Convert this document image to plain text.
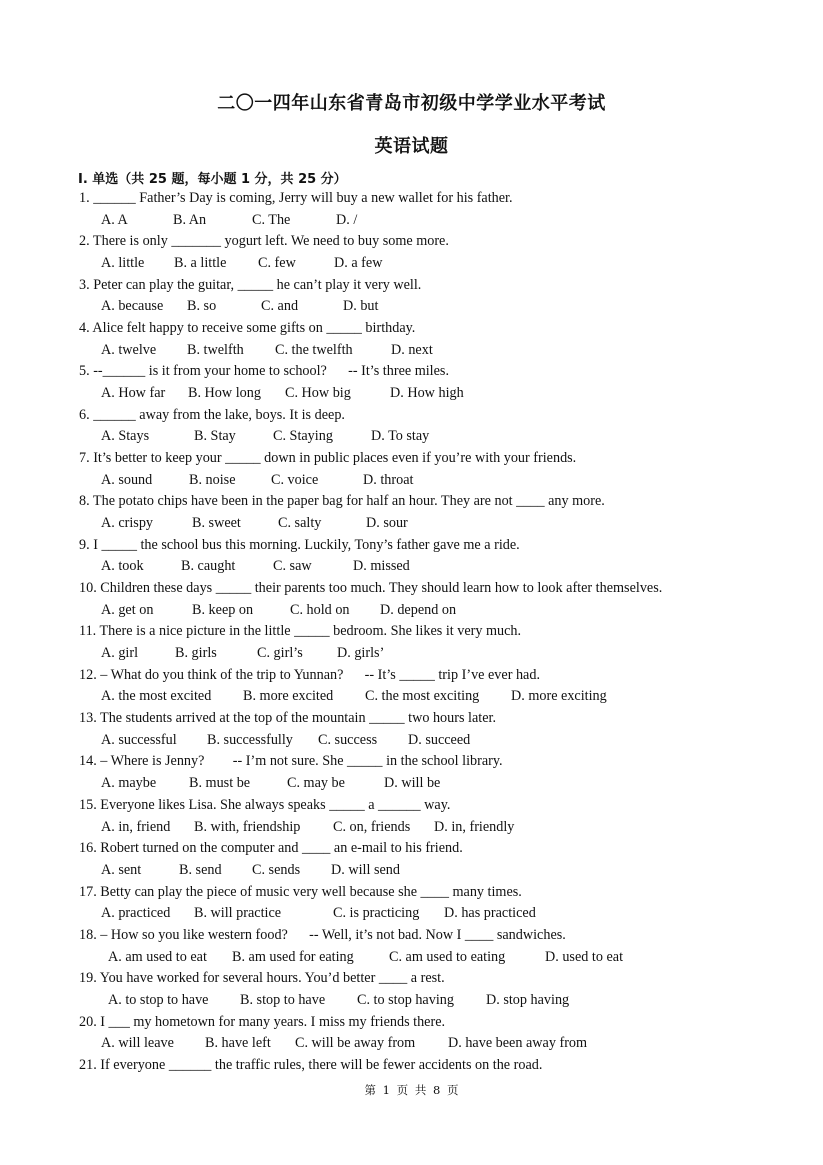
二〇一四年山东省青岛市初级中学学业水平考试
英语试题
I. 单选（共 25 题，每小题 1 分，共 25 分）
1. ______ Father’s Day is coming, Jerry will buy a new wallet for his father.
A. A	B. An	C. The	D. /
2. There is only _______ yogurt left. We need to buy some more.
A. little B. a little C. few	D. a few
3. Peter can play the guitar, _____ he can’t play it very well.
A. because B. so	C. and	D. but
4. Alice felt happy to receive some gifts on _____ birthday.
A. twelve B. twelfth C. the twelfth	D. next
5. --______ is it from your home to school?      -- It’s three miles.
A. How far B. How long C. How big	D. How high
6. ______ away from the lake, boys. It is deep.
A. Stays	B. Stay	C. Staying	D. To stay
7. It’s better to keep your _____ down in public places even if you’re with your friends.
A. sound	B. noise C. voice	D. throat
8. The potato chips have been in the paper bag for half an hour. They are not ____ any more.
A. crispy	B. sweet	C. salty	D. sour
9. I _____ the school bus this morning. Luckily, Tony’s father gave me a ride.
A. took	B. caught	C. saw	D. missed
10. Children these days _____ their parents too much. They should learn how to look after themselves.
A. get on	B. keep on	C. hold on D. depend on
11. There is a nice picture in the little _____ bedroom. She likes it very much.
A. girl	B. girls	C. girl’s D. girls’
12. – What do you think of the trip to Yunnan?      -- It’s _____ trip I’ve ever had.
A. the most excited B. more excited C. the most exciting D. more exciting
13. The students arrived at the top of the mountain _____ two hours later.
A. successful B. successfully C. success D. succeed
14. – Where is Jenny?        -- I’m not sure. She _____ in the school library.
A. maybe B. must be	C. may be	D. will be
15. Everyone likes Lisa. She always speaks _____ a ______ way.
A. in, friend B. with, friendship C. on, friends D. in, friendly
16. Robert turned on the computer and ____ an e-mail to his friend.
A. sent	B. send C. sends D. will send
17. Betty can play the piece of music very well because she ____ many times.
A. practiced B. will practice	C. is practicing D. has practiced
18. – How so you like western food?      -- Well, it’s not bad. Now I ____ sandwiches.
A. am used to eat B. am used for eating C. am used to eating	D. used to eat
19. You have worked for several hours. You’d better ____ a rest.
A. to stop to have B. stop to have C. to stop having D. stop having
20. I ___ my hometown for many years. I miss my friends there.
A. will leave B. have left C. will be away from D. have been away from
21. If everyone ______ the traffic rules, there will be fewer accidents on the road.
第 1 页 共 8 页
